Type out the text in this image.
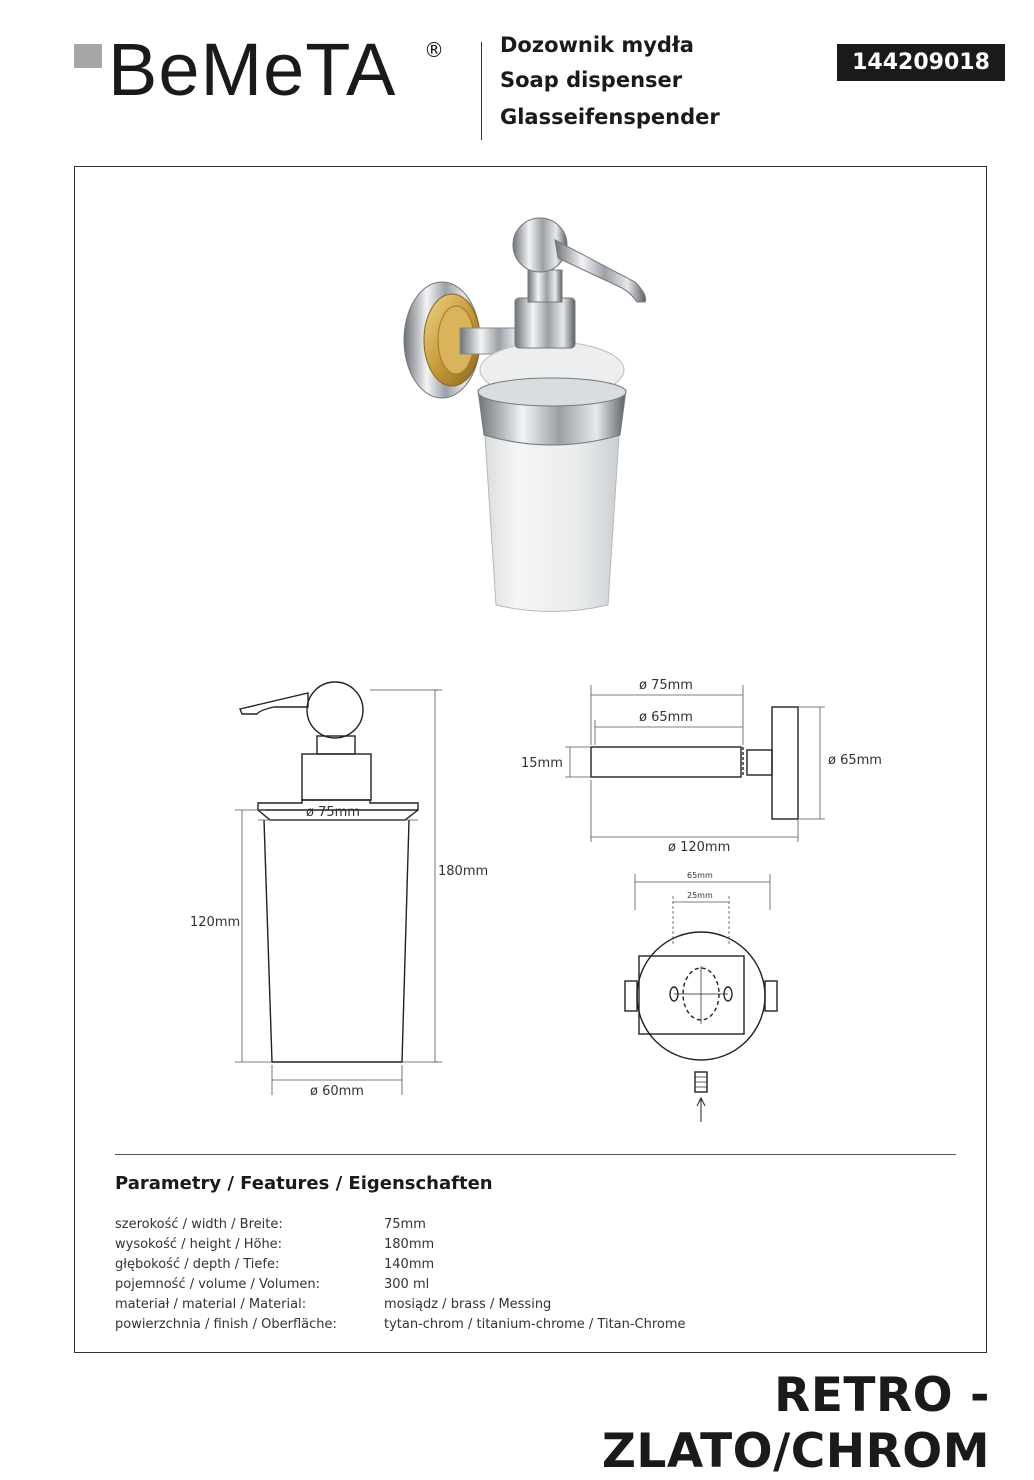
BeMeTA ®	Dozownik mydła
Soap dispenser
Glasseifenspender
144209018
ø 75mm
180mm
120mm
ø 60mm
ø 75mm
ø 65mm
15mm	ø 65mm
ø 120mm
65mm
25mm
Parametry / Features / Eigenschaften
szerokość / width / Breite:	75mm
wysokość / height / Höhe:	180mm
głębokość / depth / Tiefe:	140mm
pojemność / volume / Volumen:	300 ml
materiał / material / Material:	mosiądz / brass / Messing
powierzchnia / finish / Oberfläche:	tytan-chrom / titanium-chrome / Titan-Chrome
RETRO - ZLATO/CHROM
